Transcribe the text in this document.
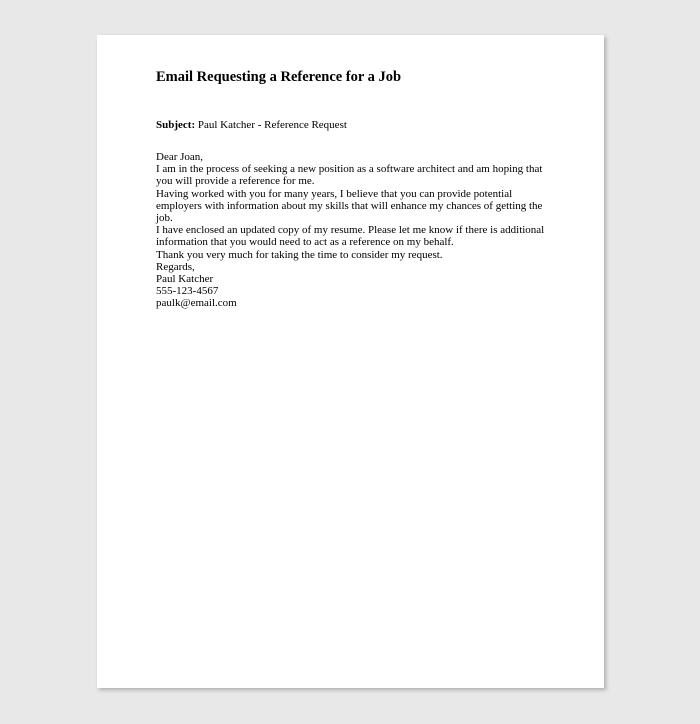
Email Requesting a Reference for a Job
Subject: Paul Katcher - Reference Request
Dear Joan,
I am in the process of seeking a new position as a software architect and am hoping that you will provide a reference for me.
Having worked with you for many years, I believe that you can provide potential employers with information about my skills that will enhance my chances of getting the job.
I have enclosed an updated copy of my resume. Please let me know if there is additional information that you would need to act as a reference on my behalf.
Thank you very much for taking the time to consider my request.
Regards,
Paul Katcher
555-123-4567
paulk@email.com
